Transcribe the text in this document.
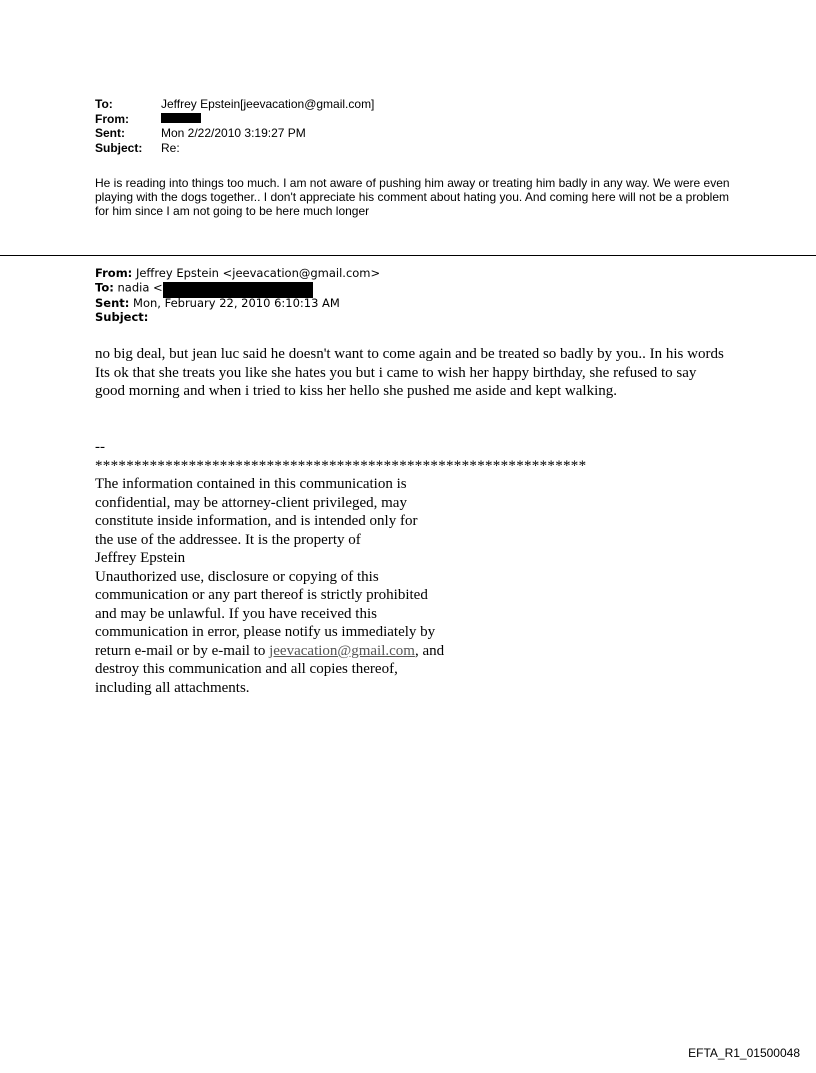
To:	Jeffrey Epstein[jeevacation@gmail.com]
From:
Sent:	Mon 2/22/2010 3:19:27 PM
Subject:	Re:
He is reading into things too much. I am not aware of pushing him away or treating him badly in any way. We were even playing with the dogs together.. I don't appreciate his comment about hating you. And coming here will not be a problem for him since I am not going to be here much longer
From: Jeffrey Epstein <jeevacation@gmail.com>
To: nadia <
Sent: Mon, February 22, 2010 6:10:13 AM
Subject:
no big deal, but jean luc said he doesn't want to come again and be treated so badly by you.. In his words Its ok that she treats you like she hates you but i came to wish her happy birthday, she refused to say good morning and when i tried to kiss her hello she pushed me aside and kept walking.
--
***************************************************************
The information contained in this communication is
confidential, may be attorney-client privileged, may
constitute inside information, and is intended only for
the use of the addressee. It is the property of
Jeffrey Epstein
Unauthorized use, disclosure or copying of this
communication or any part thereof is strictly prohibited
and may be unlawful. If you have received this
communication in error, please notify us immediately by
return e-mail or by e-mail to jeevacation@gmail.com, and
destroy this communication and all copies thereof,
including all attachments.
EFTA_R1_01500048
